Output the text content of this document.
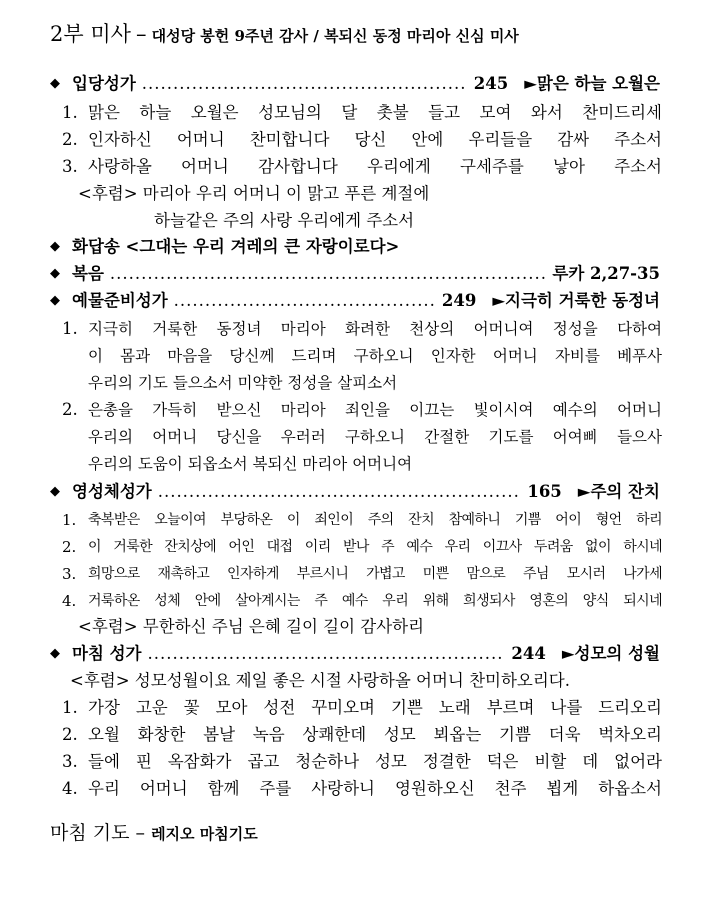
2부 미사 – 대성당 봉헌 9주년 감사 / 복되신 동정 마리아 신심 미사
◆ 입당성가 .....	245 ►맑은 하늘 오월은
1. 맑은 하늘 오월은 성모님의 달 촛불 들고 모여 와서 찬미드리세
2. 인자하신 어머니 찬미합니다 당신 안에 우리들을 감싸 주소서
3. 사랑하올 어머니 감사합니다 우리에게 구세주를 낳아 주소서
<후렴> 마리아 우리 어머니 이 맑고 푸른 계절에
하늘같은 주의 사랑 우리에게 주소서
◆ 화답송 <그대는 우리 겨레의 큰 자랑이로다>
◆ 복음 .....	루카 2,27-35
◆ 예물준비성가 .....	249 ►지극히 거룩한 동정녀
1. 지극히 거룩한 동정녀 마리아 화려한 천상의 어머니여 정성을 다하여
이 몸과 마음을 당신께 드리며 구하오니 인자한 어머니 자비를 베푸사
우리의 기도 들으소서 미약한 정성을 살피소서
2. 은총을 가득히 받으신 마리아 죄인을 이끄는 빛이시여 예수의 어머니
우리의 어머니 당신을 우러러 구하오니 간절한 기도를 어여삐 들으사
우리의 도움이 되옵소서 복되신 마리아 어머니여
◆ 영성체성가 .....	165 ►주의 잔치
1. 축복받은 오늘이여 부당하온 이 죄인이 주의 잔치 참예하니 기쁨 어이 형언 하리
2. 이 거룩한 잔치상에 어인 대접 이리 받나 주 예수 우리 이끄사 두려움 없이 하시네
3. 희망으로 재촉하고 인자하게 부르시니 가볍고 미쁜 맘으로 주님 모시러 나가세
4. 거룩하온 성체 안에 살아계시는 주 예수 우리 위해 희생되사 영혼의 양식 되시네
<후렴> 무한하신 주님 은혜 길이 길이 감사하리
◆ 마침 성가 .....	244 ►성모의 성월
<후렴> 성모성월이요 제일 좋은 시절 사랑하올 어머니 찬미하오리다.
1. 가장 고운 꽃 모아 성전 꾸미오며 기쁜 노래 부르며 나를 드리오리
2. 오월 화창한 봄날 녹음 상쾌한데 성모 뵈옵는 기쁨 더욱 벅차오리
3. 들에 핀 옥잠화가 곱고 청순하나 성모 정결한 덕은 비할 데 없어라
4. 우리 어머니 함께 주를 사랑하니 영원하오신 천주 뵙게 하옵소서
마침 기도 – 레지오 마침기도
